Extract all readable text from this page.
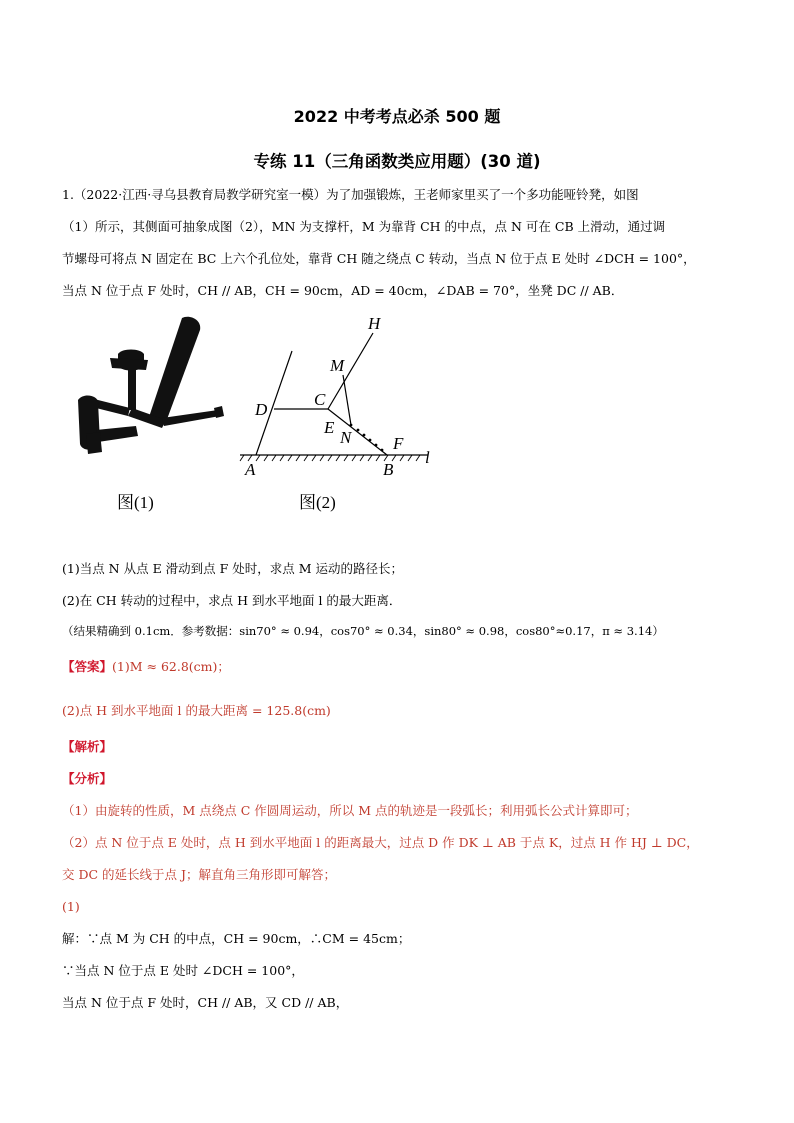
2022 中考考点必杀 500 题
专练 11（三角函数类应用题）(30 道)
1.（2022·江西·寻乌县教育局教学研究室一模）为了加强锻炼，王老师家里买了一个多功能哑铃凳，如图
（1）所示，其侧面可抽象成图（2），MN 为支撑杆，M 为靠背 CH 的中点，点 N 可在 CB 上滑动，通过调
节螺母可将点 N 固定在 BC 上六个孔位处，靠背 CH 随之绕点 C 转动，当点 N 位于点 E 处时 ∠DCH = 100°，
当点 N 位于点 F 处时，CH // AB，CH = 90cm，AD = 40cm，∠DAB = 70°，坐凳 DC // AB．
图(1)
H
M
D
C
E
N F
A	B
l
图(2)
(1)当点 N 从点 E 滑动到点 F 处时，求点 M 运动的路径长；
(2)在 CH 转动的过程中，求点 H 到水平地面 l 的最大距离．
（结果精确到 0.1cm．参考数据：sin70° ≈ 0.94，cos70° ≈ 0.34，sin80° ≈ 0.98，cos80°≈0.17，π ≈ 3.14）
【答案】(1)M ≈ 62.8(cm)；
(2)点 H 到水平地面 l 的最大距离 = 125.8(cm)
【解析】
【分析】
（1）由旋转的性质，M 点绕点 C 作圆周运动，所以 M 点的轨迹是一段弧长；利用弧长公式计算即可；
（2）点 N 位于点 E 处时，点 H 到水平地面 l 的距离最大，过点 D 作 DK ⊥ AB 于点 K，过点 H 作 HJ ⊥ DC，
交 DC 的延长线于点 J；解直角三角形即可解答；
(1)
解：∵点 M 为 CH 的中点，CH = 90cm，∴CM = 45cm；
∵当点 N 位于点 E 处时 ∠DCH = 100°，
当点 N 位于点 F 处时，CH // AB，又 CD // AB，
